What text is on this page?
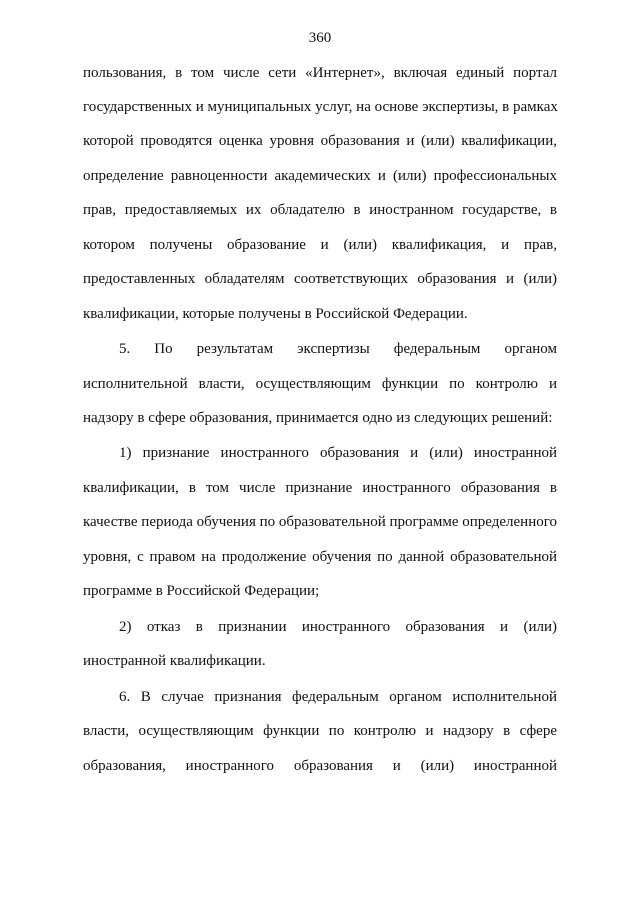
360
пользования, в том числе сети «Интернет», включая единый портал
государственных и муниципальных услуг, на основе экспертизы, в рамках
которой проводятся оценка уровня образования и (или) квалификации,
определение равноценности академических и (или) профессиональных
прав, предоставляемых их обладателю в иностранном государстве, в
котором получены образование и (или) квалификация, и прав,
предоставленных обладателям соответствующих образования и (или)
квалификации, которые получены в Российской Федерации.
5. По результатам экспертизы федеральным органом
исполнительной власти, осуществляющим функции по контролю и
надзору в сфере образования, принимается одно из следующих решений:
1) признание иностранного образования и (или) иностранной
квалификации, в том числе признание иностранного образования в
качестве периода обучения по образовательной программе определенного
уровня, с правом на продолжение обучения по данной образовательной
программе в Российской Федерации;
2) отказ в признании иностранного образования и (или)
иностранной квалификации.
6. В случае признания федеральным органом исполнительной
власти, осуществляющим функции по контролю и надзору в сфере
образования, иностранного образования и (или) иностранной
